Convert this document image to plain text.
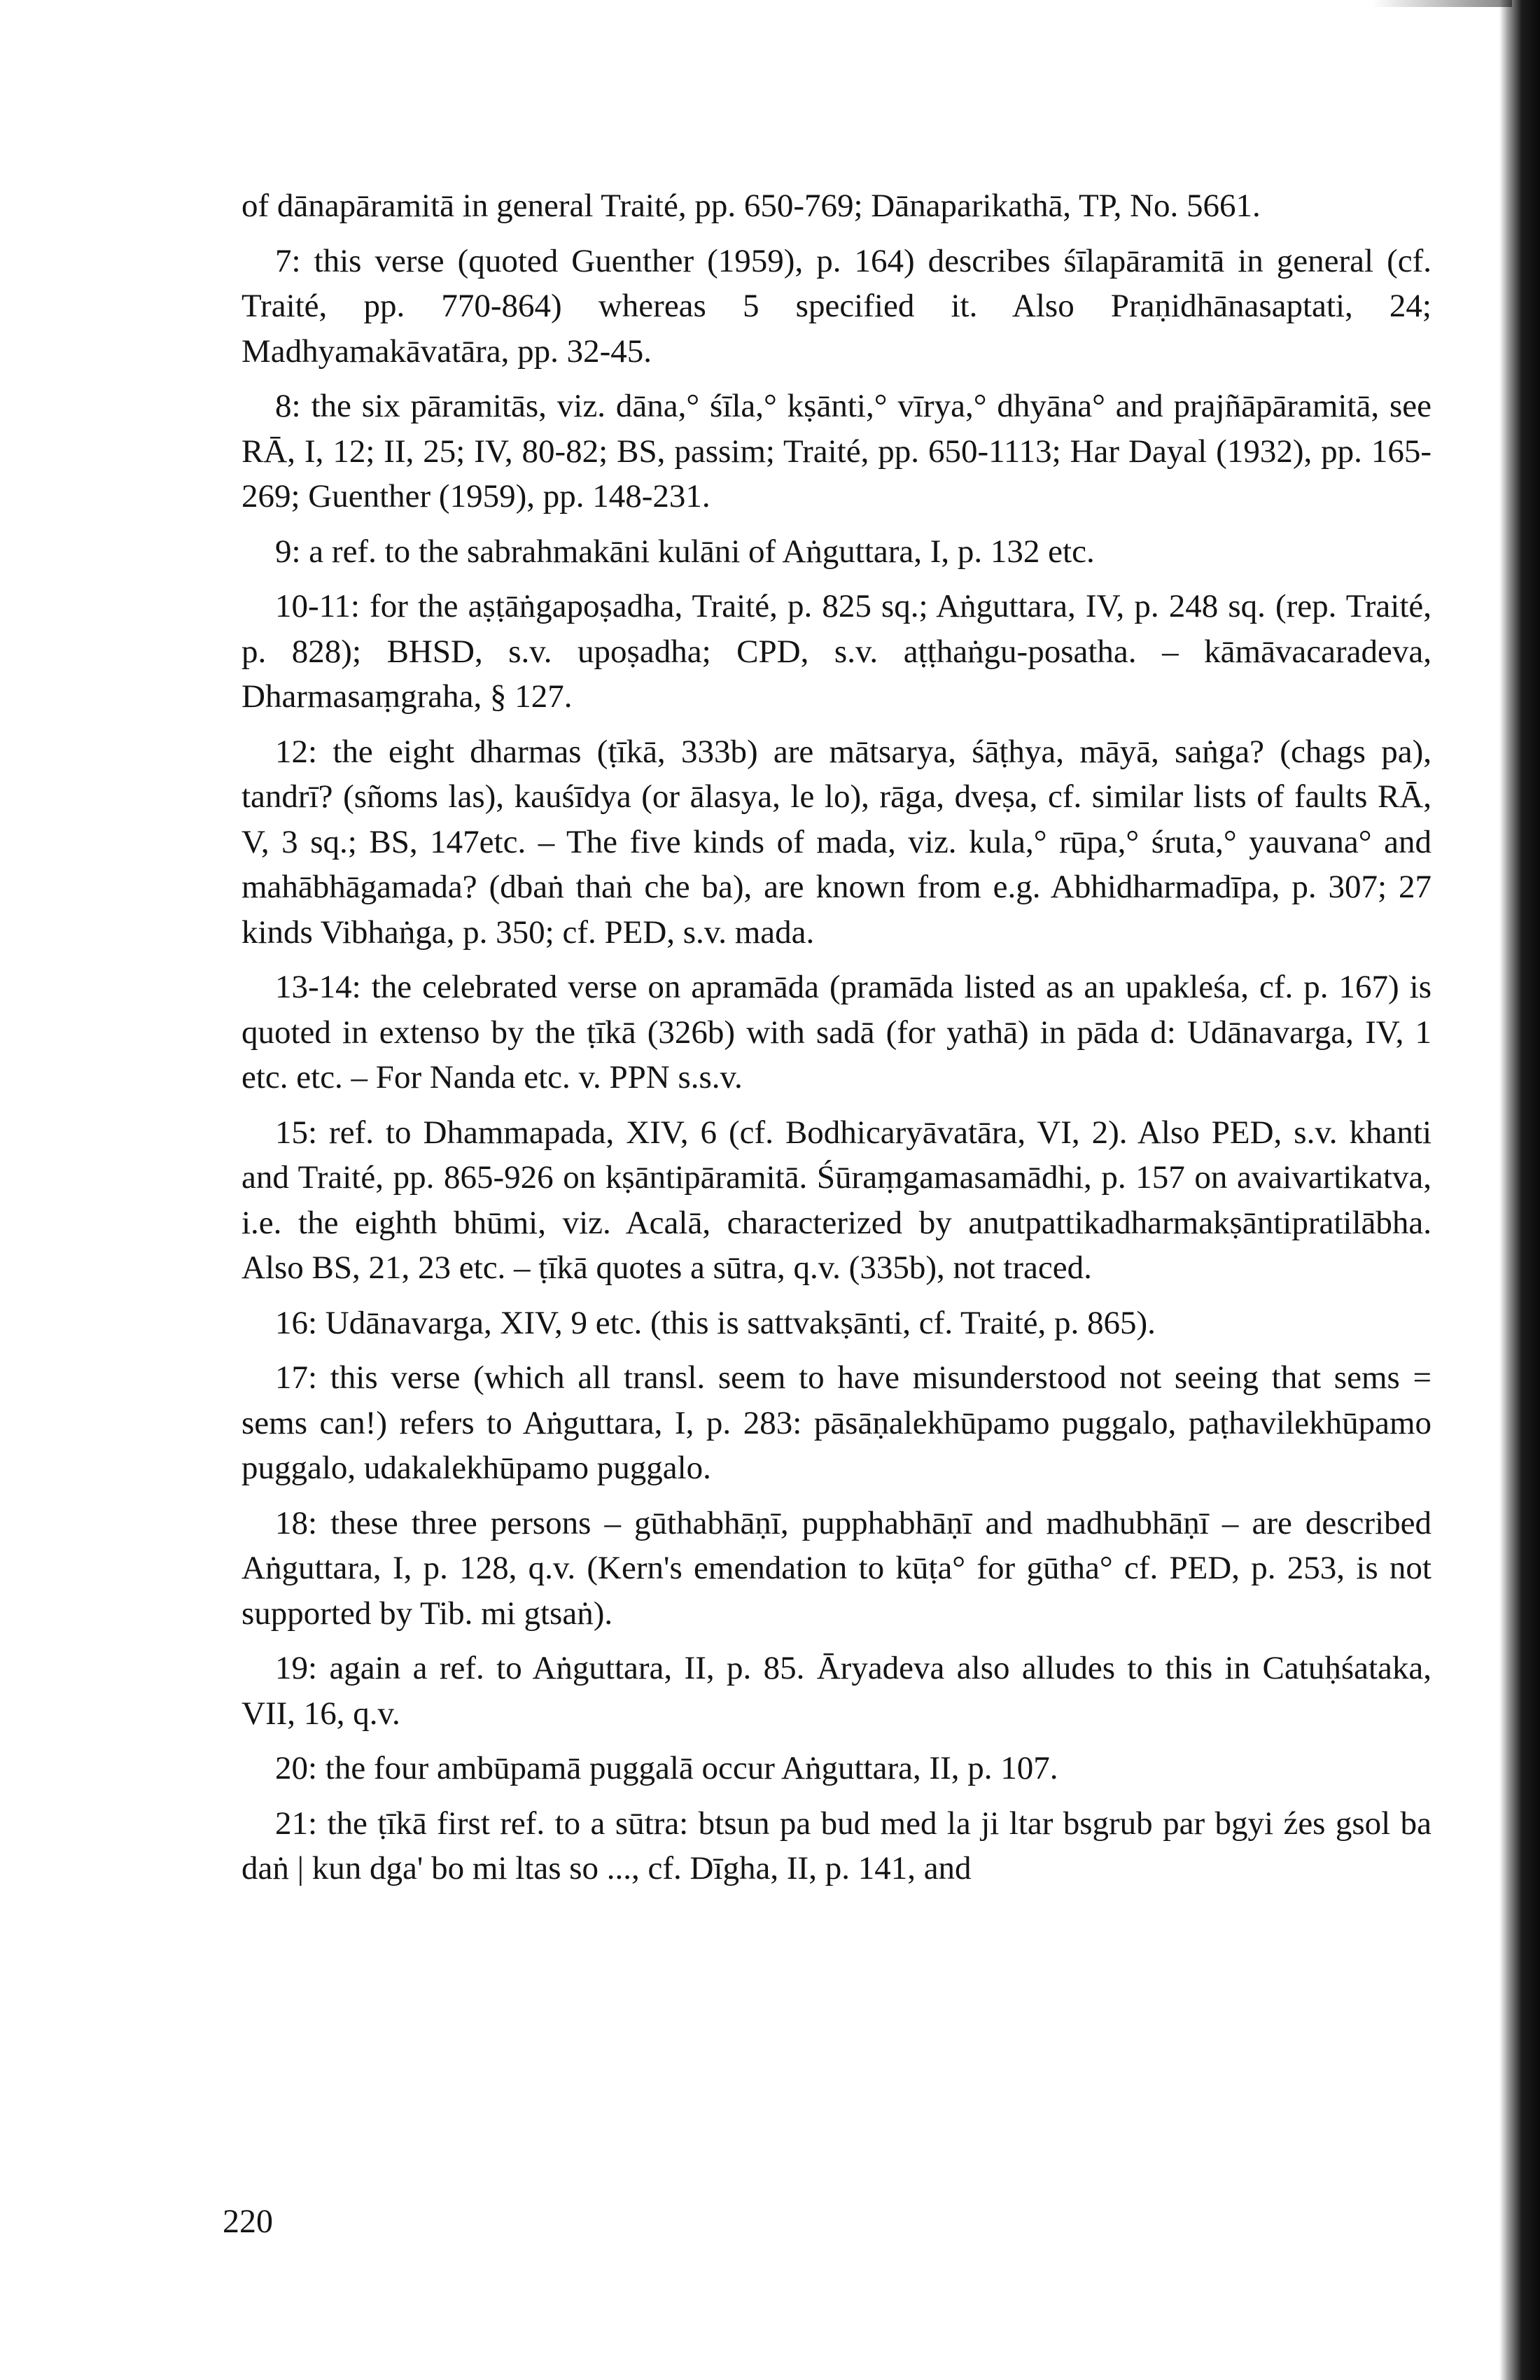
of dānapāramitā in general Traité, pp. 650-769; Dānaparikathā, TP, No. 5661.

7: this verse (quoted Guenther (1959), p. 164) describes śīlapāramitā in general (cf. Traité, pp. 770-864) whereas 5 specified it. Also Praṇidhānasaptati, 24; Madhyamakāvatāra, pp. 32-45.

8: the six pāramitās, viz. dāna,° śīla,° kṣānti,° vīrya,° dhyāna° and prajñāpāramitā, see RĀ, I, 12; II, 25; IV, 80-82; BS, passim; Traité, pp. 650-1113; Har Dayal (1932), pp. 165-269; Guenther (1959), pp. 148-231.

9: a ref. to the sabrahmakāni kulāni of Aṅguttara, I, p. 132 etc.

10-11: for the aṣṭāṅgapoṣadha, Traité, p. 825 sq.; Aṅguttara, IV, p. 248 sq. (rep. Traité, p. 828); BHSD, s.v. upoṣadha; CPD, s.v. aṭṭhaṅgu-posatha. – kāmāvacaradeva, Dharmasaṃgraha, § 127.

12: the eight dharmas (ṭīkā, 333b) are mātsarya, śāṭhya, māyā, saṅga? (chags pa), tandrī? (sñoms las), kauśīdya (or ālasya, le lo), rāga, dveṣa, cf. similar lists of faults RĀ, V, 3 sq.; BS, 147etc. – The five kinds of mada, viz. kula,° rūpa,° śruta,° yauvana° and mahābhāgamada? (dbaṅ thaṅ che ba), are known from e.g. Abhidharmadīpa, p. 307; 27 kinds Vibhaṅga, p. 350; cf. PED, s.v. mada.

13-14: the celebrated verse on apramāda (pramāda listed as an upakleśa, cf. p. 167) is quoted in extenso by the ṭīkā (326b) with sadā (for yathā) in pāda d: Udānavarga, IV, 1 etc. etc. – For Nanda etc. v. PPN s.s.v.

15: ref. to Dhammapada, XIV, 6 (cf. Bodhicaryāvatāra, VI, 2). Also PED, s.v. khanti and Traité, pp. 865-926 on kṣāntipāramitā. Śūraṃgamasamādhi, p. 157 on avaivartikatva, i.e. the eighth bhūmi, viz. Acalā, characterized by anutpattikadharmakṣāntipratilābha. Also BS, 21, 23 etc. – ṭīkā quotes a sūtra, q.v. (335b), not traced.

16: Udānavarga, XIV, 9 etc. (this is sattvakṣānti, cf. Traité, p. 865).

17: this verse (which all transl. seem to have misunderstood not seeing that sems = sems can!) refers to Aṅguttara, I, p. 283: pāsāṇalekhūpamo puggalo, paṭhavilekhūpamo puggalo, udakalekhūpamo puggalo.

18: these three persons – gūthabhāṇī, pupphabhāṇī and madhubhāṇī – are described Aṅguttara, I, p. 128, q.v. (Kern's emendation to kūṭa° for gūtha° cf. PED, p. 253, is not supported by Tib. mi gtsaṅ).

19: again a ref. to Aṅguttara, II, p. 85. Āryadeva also alludes to this in Catuḥśataka, VII, 16, q.v.

20: the four ambūpamā puggalā occur Aṅguttara, II, p. 107.

21: the ṭīkā first ref. to a sūtra: btsun pa bud med la ji ltar bsgrub par bgyi źes gsol ba daṅ | kun dga' bo mi ltas so ..., cf. Dīgha, II, p. 141, and

220
